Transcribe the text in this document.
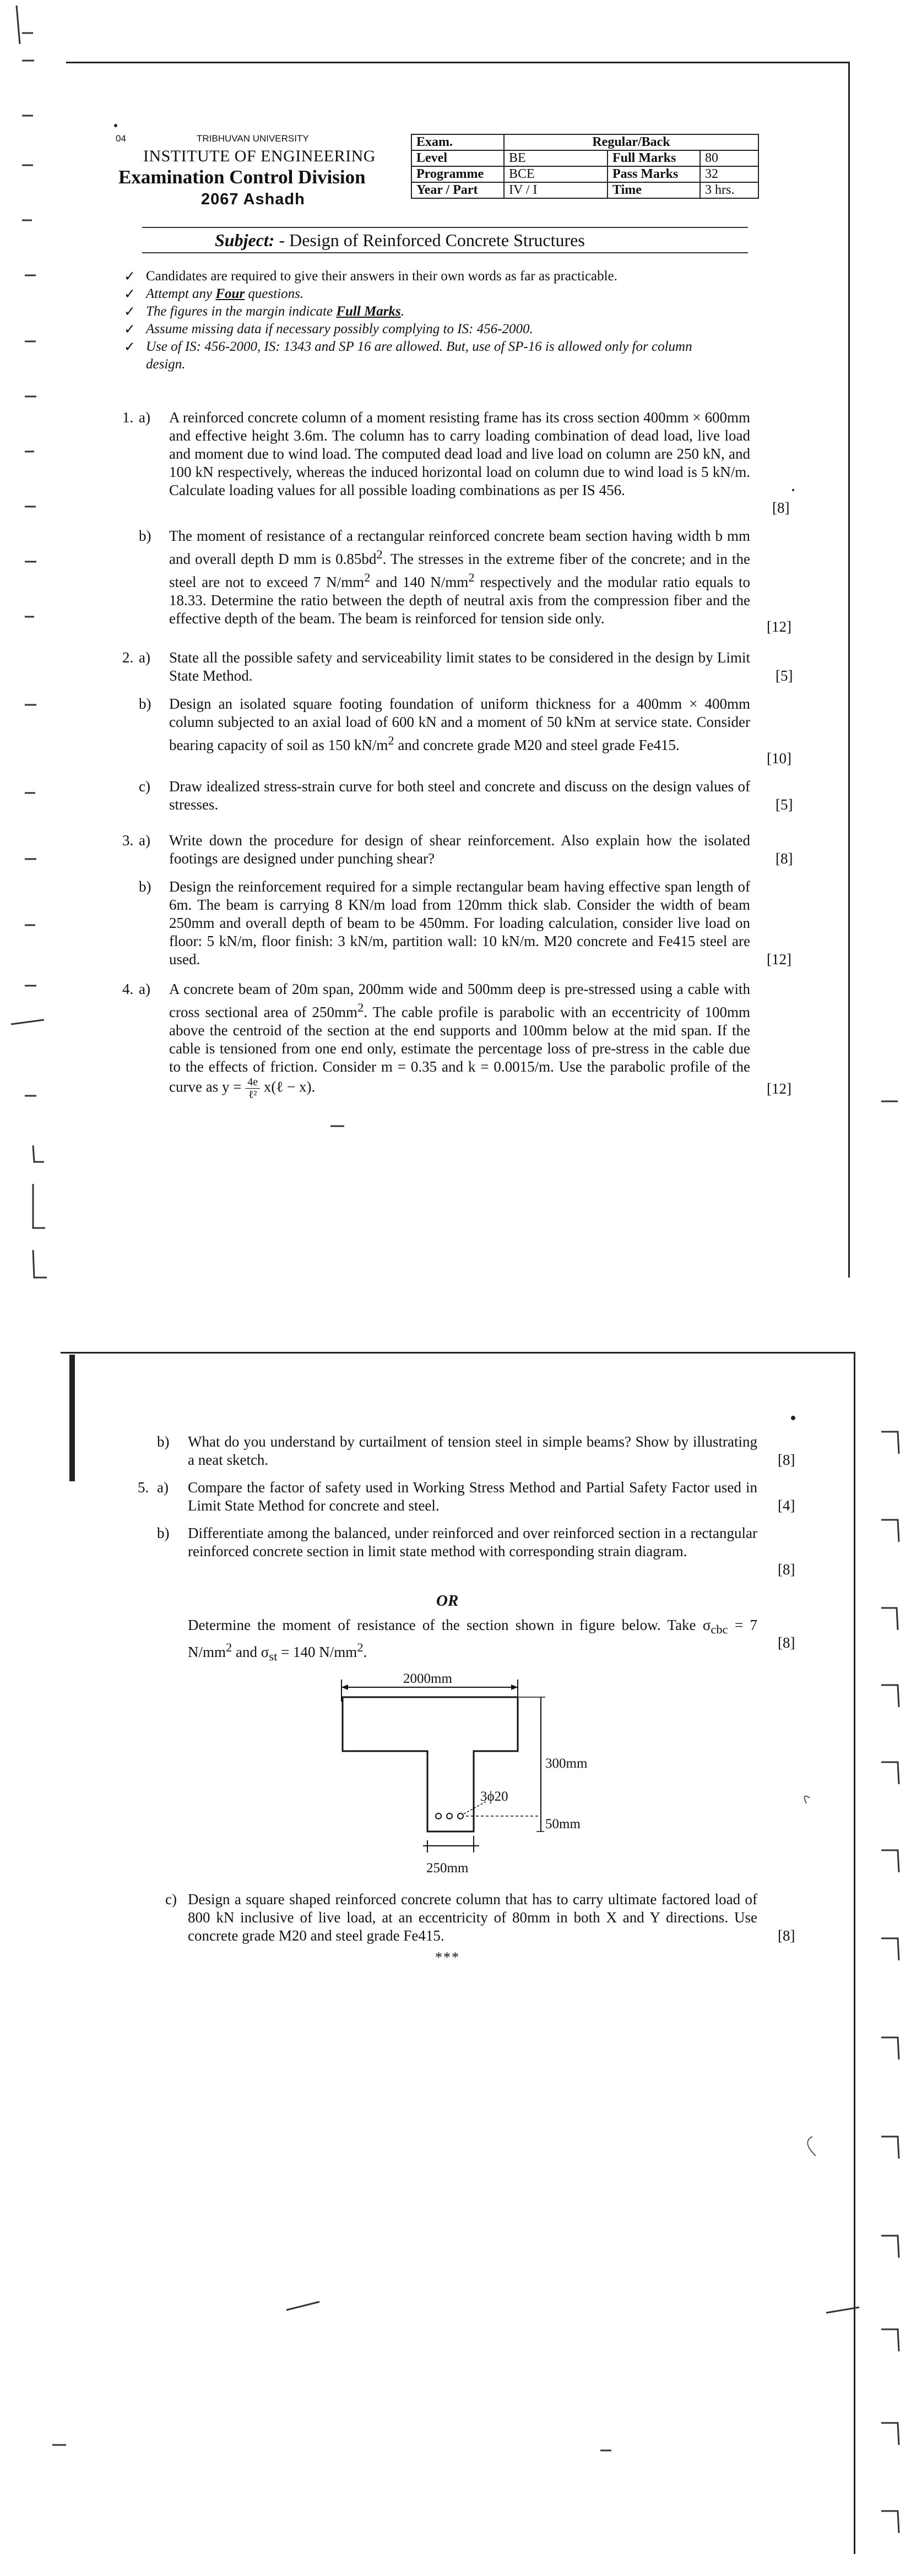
04	TRIBHUVAN UNIVERSITY
INSTITUTE OF ENGINEERING
Examination Control Division
2067 Ashadh
Exam.	Regular/Back		
Level	BE	Full Marks	80
Programme	BCE	Pass Marks	32
Year / Part	IV / I	Time	3 hrs.
Subject: - Design of Reinforced Concrete Structures
✓ Candidates are required to give their answers in their own words as far as practicable.
✓ Attempt any Four questions.
✓ The figures in the margin indicate Full Marks.
✓ Assume missing data if necessary possibly complying to IS: 456-2000.
✓ Use of IS: 456-2000, IS: 1343 and SP 16 are allowed. But, use of SP-16 is allowed only for column design.
1. a) A reinforced concrete column of a moment resisting frame has its cross section 400mm × 600mm and effective height 3.6m. The column has to carry loading combination of dead load, live load and moment due to wind load. The computed dead load and live load on column are 250 kN, and 100 kN respectively, whereas the induced horizontal load on column due to wind load is 5 kN/m. Calculate loading values for all possible loading combinations as per IS 456.
[8]
b) The moment of resistance of a rectangular reinforced concrete beam section having width b mm and overall depth D mm is $0.85bd^2$. The stresses in the extreme fiber of the concrete; and in the steel are not to exceed 7 $N/mm^2$ and 140 $N/mm^2$ respectively and the modular ratio equals to 18.33. Determine the ratio between the depth of neutral axis from the compression fiber and the effective depth of the beam. The beam is reinforced for tension side only.	[12]
2. a) State all the possible safety and serviceability limit states to be considered in the design by Limit State Method.	[5]
b) Design an isolated square footing foundation of uniform thickness for a 400mm × 400mm column subjected to an axial load of 600 kN and a moment of 50 kNm at service state. Consider bearing capacity of soil as 150 $kN/m^2$ and concrete grade M20 and steel grade Fe415.
[10]
c) Draw idealized stress-strain curve for both steel and concrete and discuss on the design values of stresses.	[5]
3. a) Write down the procedure for design of shear reinforcement. Also explain how the isolated footings are designed under punching shear?	[8]
b) Design the reinforcement required for a simple rectangular beam having effective span length of 6m. The beam is carrying 8 KN/m load from 120mm thick slab. Consider the width of beam 250mm and overall depth of beam to be 450mm. For loading calculation, consider live load on floor: 5 kN/m, floor finish: 3 kN/m, partition wall: 10 kN/m. M20 concrete and Fe415 steel are used.	[12]
4. a) A concrete beam of 20m span, 200mm wide and 500mm deep is pre-stressed using a cable with cross sectional area of $250mm^2$. The cable profile is parabolic with an eccentricity of 100mm above the centroid of the section at the end supports and 100mm below at the mid span. If the cable is tensioned from one end only, estimate the percentage loss of pre-stress in the cable due to the effects of friction. Consider m = 0.35 and k = 0.0015/m. Use the parabolic profile of the curve as y = 4e
ℓ² x(ℓ − x).	[12]
b) What do you understand by curtailment of tension steel in simple beams? Show by illustrating a neat sketch.	[8]
5. a) Compare the factor of safety used in Working Stress Method and Partial Safety Factor used in Limit State Method for concrete and steel.	[4]
b) Differentiate among the balanced, under reinforced and over reinforced section in a rectangular reinforced concrete section in limit state method with corresponding strain diagram.
[8]
OR
Determine the moment of resistance of the section shown in figure below. Take $\sigma_{cbc} = 7$ $N/mm^2$ and $\sigma_{st} = 140$ $N/mm^2$.
[8]
2000mm
3ϕ20
300mm
50mm
250mm
c) Design a square shaped reinforced concrete column that has to carry ultimate factored load of 800 kN inclusive of live load, at an eccentricity of 80mm in both X and Y directions. Use concrete grade M20 and steel grade Fe415.	[8]
***
